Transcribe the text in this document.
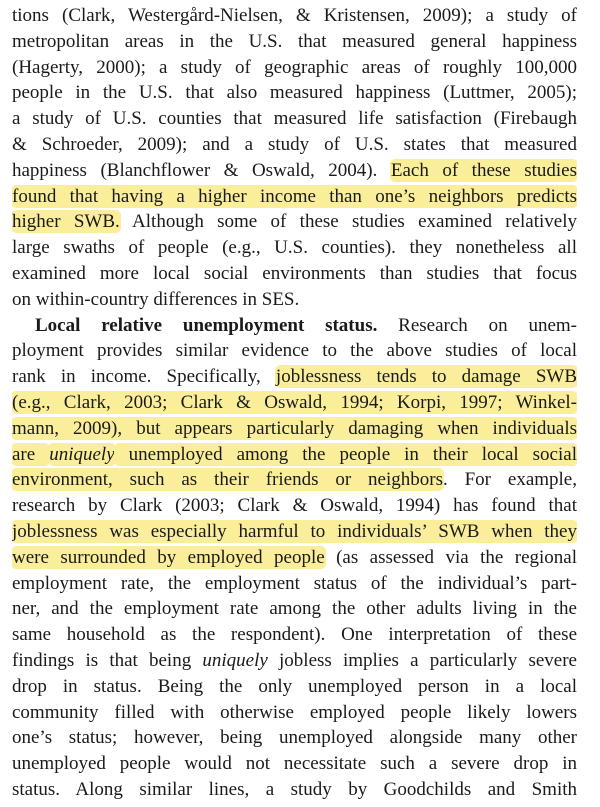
tions (Clark, Westergård-Nielsen, & Kristensen, 2009); a study of
metropolitan areas in the U.S. that measured general happiness
(Hagerty, 2000); a study of geographic areas of roughly 100,000
people in the U.S. that also measured happiness (Luttmer, 2005);
a study of U.S. counties that measured life satisfaction (Firebaugh
& Schroeder, 2009); and a study of U.S. states that measured
happiness (Blanchflower & Oswald, 2004). Each of these studies
found that having a higher income than one’s neighbors predicts
higher SWB. Although some of these studies examined relatively
large swaths of people (e.g., U.S. counties). they nonetheless all
examined more local social environments than studies that focus
on within-country differences in SES.
Local relative unemployment status. Research on unem-
ployment provides similar evidence to the above studies of local
rank in income. Specifically, joblessness tends to damage SWB
(e.g., Clark, 2003; Clark & Oswald, 1994; Korpi, 1997; Winkel-
mann, 2009), but appears particularly damaging when individuals
are uniquely unemployed among the people in their local social
environment, such as their friends or neighbors. For example,
research by Clark (2003; Clark & Oswald, 1994) has found that
joblessness was especially harmful to individuals’ SWB when they
were surrounded by employed people (as assessed via the regional
employment rate, the employment status of the individual’s part-
ner, and the employment rate among the other adults living in the
same household as the respondent). One interpretation of these
findings is that being uniquely jobless implies a particularly severe
drop in status. Being the only unemployed person in a local
community filled with otherwise employed people likely lowers
one’s status; however, being unemployed alongside many other
unemployed people would not necessitate such a severe drop in
status. Along similar lines, a study by Goodchilds and Smith
